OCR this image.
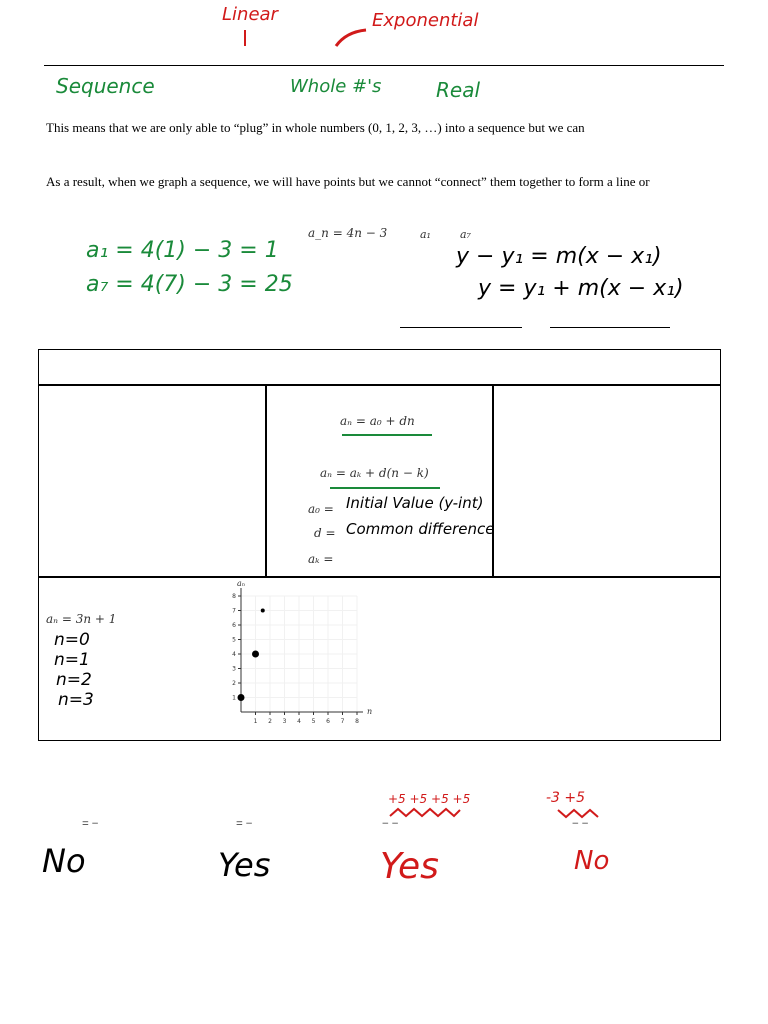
Linear	Exponential
Sequence	Whole #'s	Real
This means that we are only able to “plug” in whole numbers (0, 1, 2, 3, …) into a sequence but we can
As a result, when we graph a sequence, we will have points but we cannot “connect” them together to form a line or
a_n = 4n − 3	a₁	a₇
a₁ = 4(1) − 3 = 1
a₇ = 4(7) − 3 = 25
y − y₁ = m(x − x₁)
y = y₁ + m(x − x₁)
aₙ = a₀ + dn
aₙ = aₖ + d(n − k)
a₀ = Initial Value (y-int)
d = Common difference
aₖ =
aₙ = 3n + 1
n=0
n=1
n=2
n=3
1 2 3 4 5 6 7 8
1
2
3
4
5
6
7
8
n
aₙ
= −	= −	− −	− −
+5 +5 +5 +5	-3 +5
No	Yes	Yes	No
